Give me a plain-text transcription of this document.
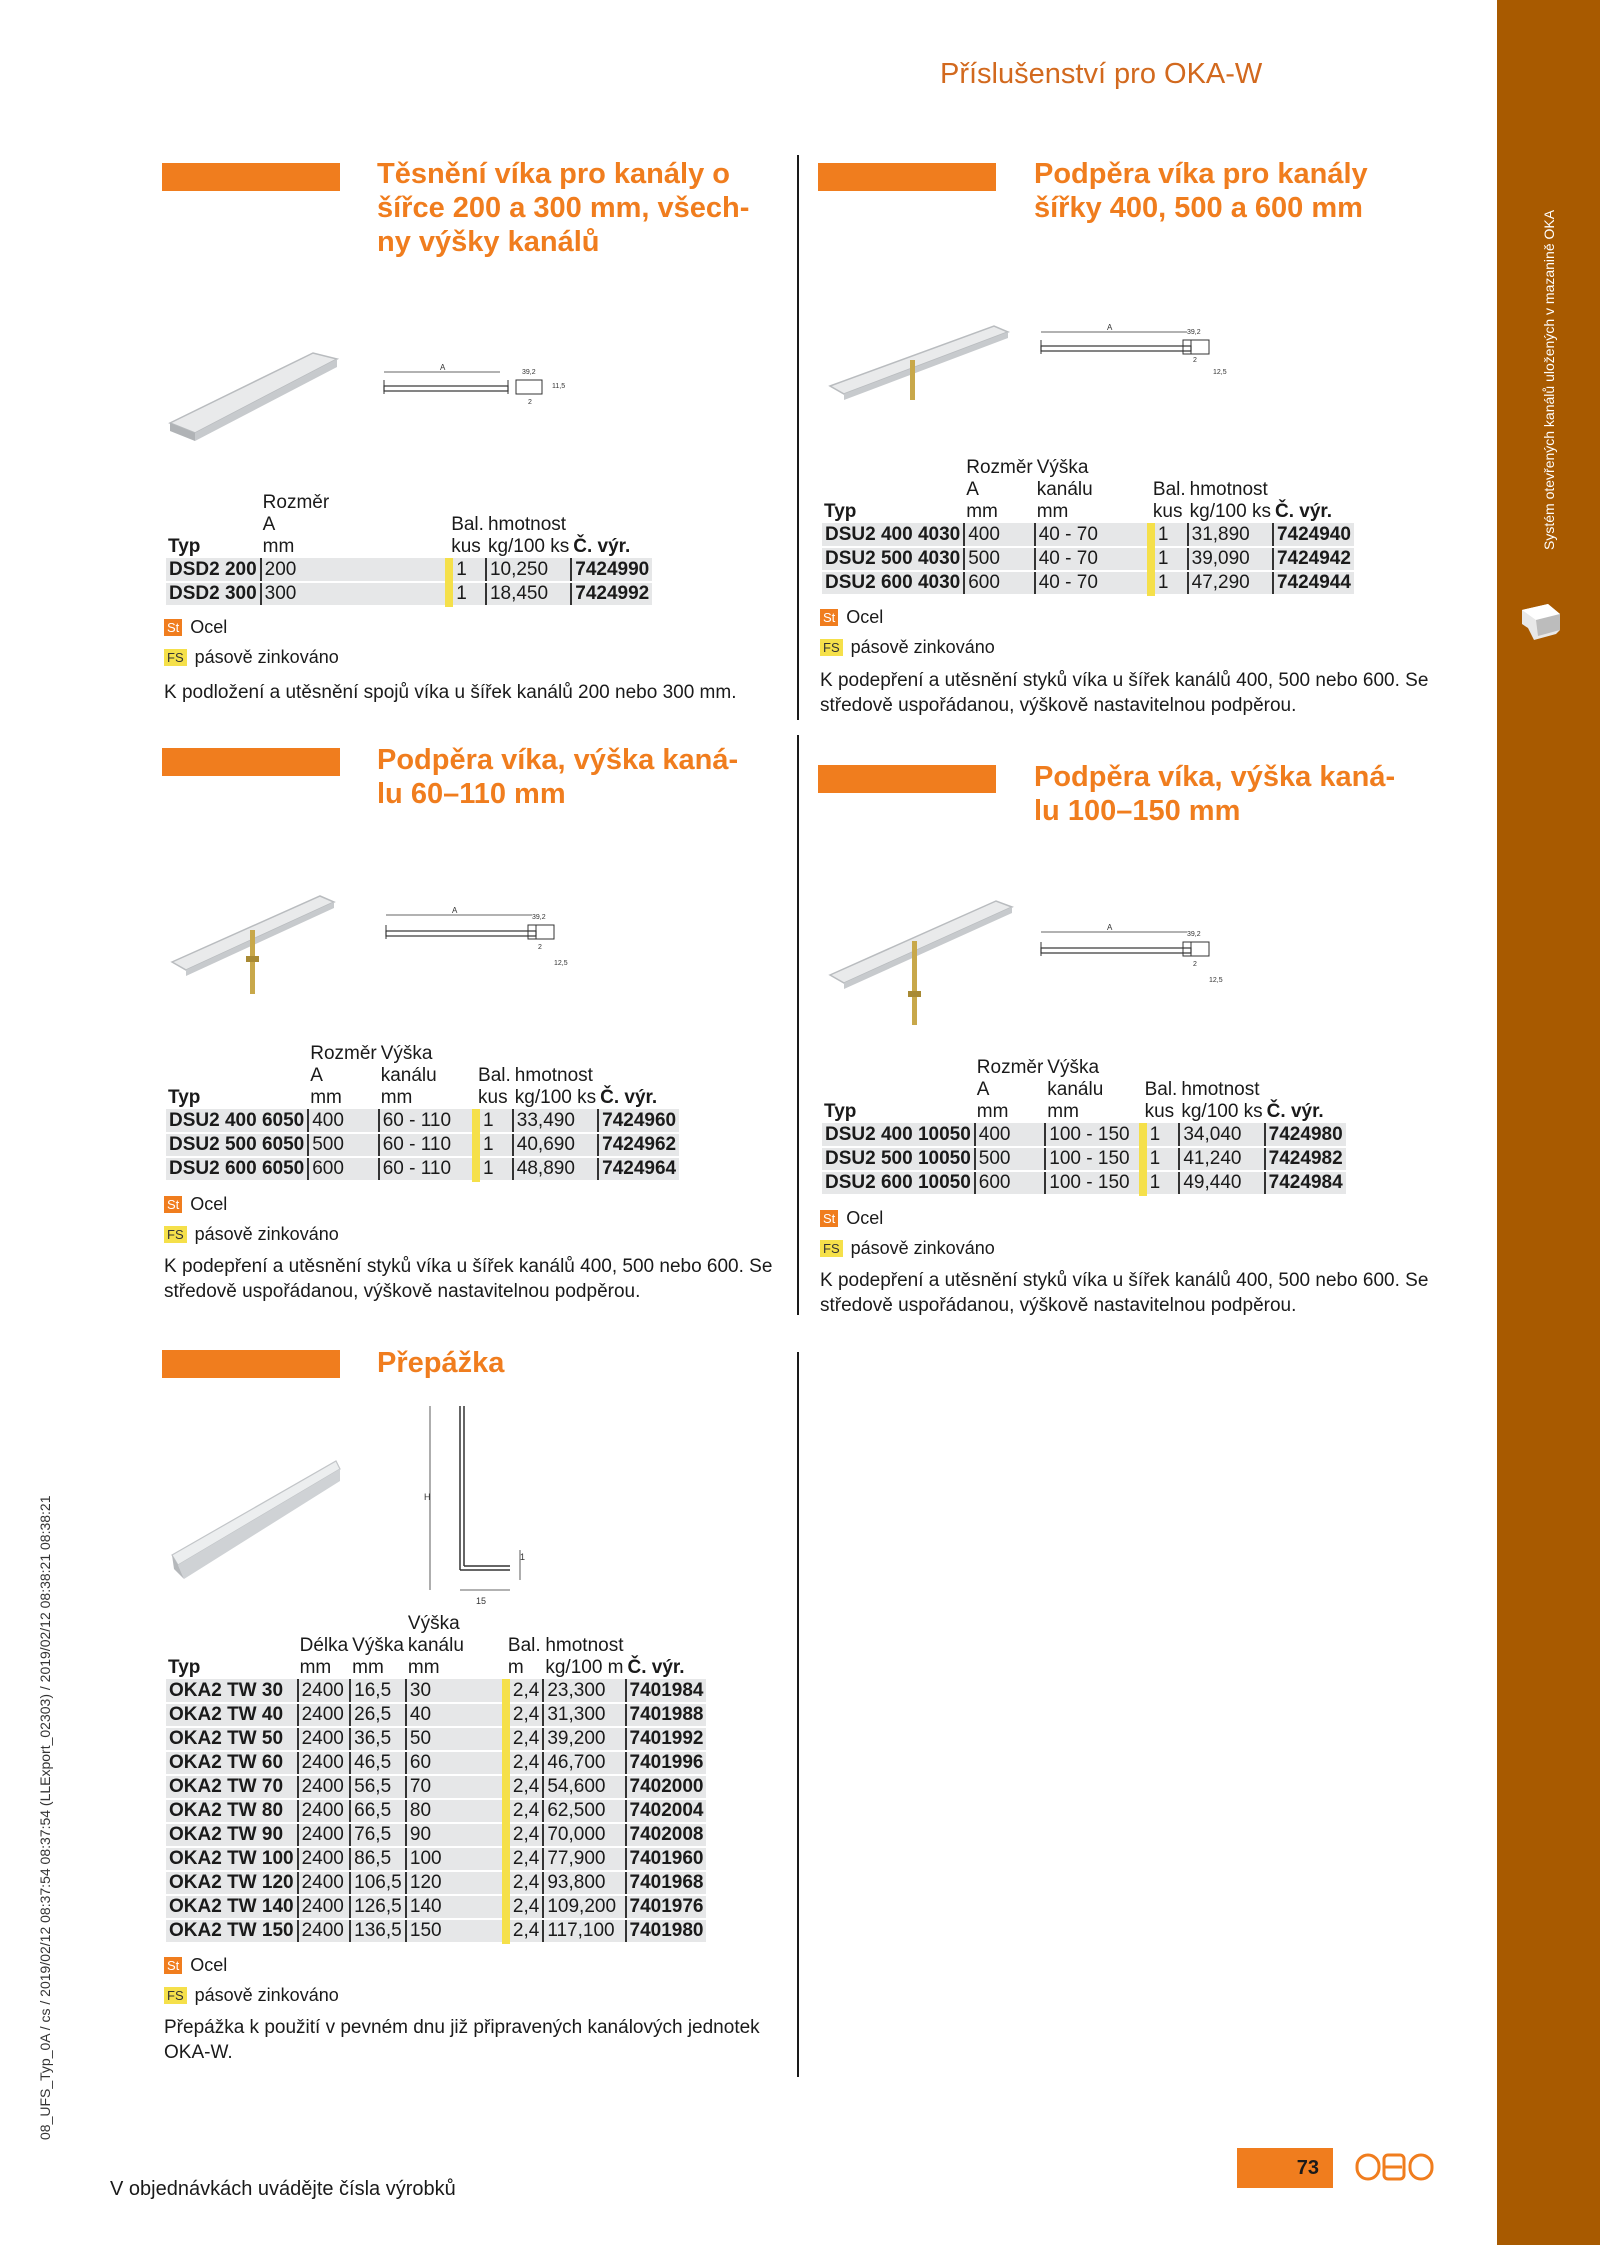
Systém otevřených kanálů uložených v mazanině OKA
08_UFS_Typ_0A / cs / 2019/02/12 08:37:54 08:37:54 (LLExport_02303) / 2019/02/12 08:38:21 08:38:21
Příslušenství pro OKA-W
Těsnění víka pro kanály o
šířce 200 a 300 mm, všech-
ny výšky kanálů
A
39,2
11,5
2
Typ	Rozměr
A
mm		Bal.
kus	hmotnost
kg/100 ks	Č. výr.
DSD2 200	200		1	10,250	7424990
DSD2 300	300		1	18,450	7424992
St Ocel
FS pásově zinkováno
K podložení a utěsnění spojů víka u šířek kanálů 200 nebo 300 mm.
Podpěra víka pro kanály
šířky 400, 500 a 600 mm
A
39,2
2
12,5
Typ	Rozměr
A
mm	Výška
kanálu
mm		Bal.
kus	hmotnost
kg/100 ks	Č. výr.
DSU2 400 4030	400	40 - 70		1	31,890	7424940
DSU2 500 4030	500	40 - 70		1	39,090	7424942
DSU2 600 4030	600	40 - 70		1	47,290	7424944
St Ocel
FS pásově zinkováno
K podepření a utěsnění styků víka u šířek kanálů 400, 500 nebo 600. Se
středově uspořádanou, výškově nastavitelnou podpěrou.
Podpěra víka, výška kaná-
lu 60–110 mm
A
39,2
2
12,5
Typ	Rozměr
A
mm	Výška
kanálu
mm		Bal.
kus	hmotnost
kg/100 ks	Č. výr.
DSU2 400 6050	400	60 - 110		1	33,490	7424960
DSU2 500 6050	500	60 - 110		1	40,690	7424962
DSU2 600 6050	600	60 - 110		1	48,890	7424964
St Ocel
FS pásově zinkováno
K podepření a utěsnění styků víka u šířek kanálů 400, 500 nebo 600. Se
středově uspořádanou, výškově nastavitelnou podpěrou.
Podpěra víka, výška kaná-
lu 100–150 mm
A
39,2
2
12,5
Typ	Rozměr
A
mm	Výška
kanálu
mm		Bal.
kus	hmotnost
kg/100 ks	Č. výr.
DSU2 400 10050	400	100 - 150		1	34,040	7424980
DSU2 500 10050	500	100 - 150		1	41,240	7424982
DSU2 600 10050	600	100 - 150		1	49,440	7424984
St Ocel
FS pásově zinkováno
K podepření a utěsnění styků víka u šířek kanálů 400, 500 nebo 600. Se
středově uspořádanou, výškově nastavitelnou podpěrou.
Přepážka
H
1
15
Typ	Délka
mm	Výška
mm	Výška
kanálu
mm		Bal.
m	hmotnost
kg/100 m	Č. výr.
OKA2 TW 30	2400	16,5	30		2,4	23,300	7401984
OKA2 TW 40	2400	26,5	40		2,4	31,300	7401988
OKA2 TW 50	2400	36,5	50		2,4	39,200	7401992
OKA2 TW 60	2400	46,5	60		2,4	46,700	7401996
OKA2 TW 70	2400	56,5	70		2,4	54,600	7402000
OKA2 TW 80	2400	66,5	80		2,4	62,500	7402004
OKA2 TW 90	2400	76,5	90		2,4	70,000	7402008
OKA2 TW 100	2400	86,5	100		2,4	77,900	7401960
OKA2 TW 120	2400	106,5	120		2,4	93,800	7401968
OKA2 TW 140	2400	126,5	140		2,4	109,200	7401976
OKA2 TW 150	2400	136,5	150		2,4	117,100	7401980
St Ocel
FS pásově zinkováno
Přepážka k použití v pevném dnu již připravených kanálových jednotek
OKA-W.
V objednávkách uvádějte čísla výrobků
73
